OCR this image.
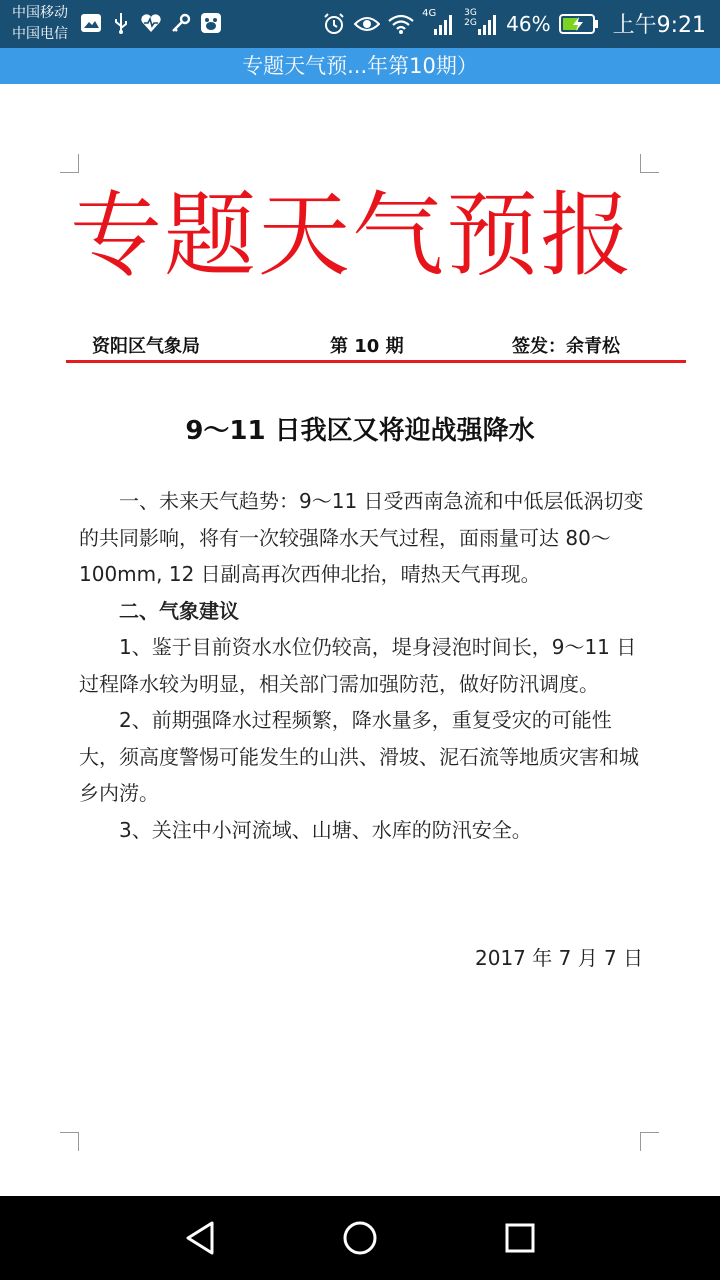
中国移动
中国电信
4G	3G 2G 46%	上午9:21
专题天气预...年第10期）
专题天气预报
资阳区气象局	第 10 期	签发：余青松
9～11 日我区又将迎战强降水

一、未来天气趋势：9～11 日受西南急流和中低层低涡切变的共同影响，将有一次较强降水天气过程，面雨量可达 80～100mm, 12 日副高再次西伸北抬，晴热天气再现。

二、气象建议

1、鉴于目前资水水位仍较高，堤身浸泡时间长，9～11 日过程降水较为明显，相关部门需加强防范，做好防汛调度。

2、前期强降水过程频繁，降水量多，重复受灾的可能性大，须高度警惕可能发生的山洪、滑坡、泥石流等地质灾害和城乡内涝。

3、关注中小河流域、山塘、水库的防汛安全。

2017 年 7 月 7 日
